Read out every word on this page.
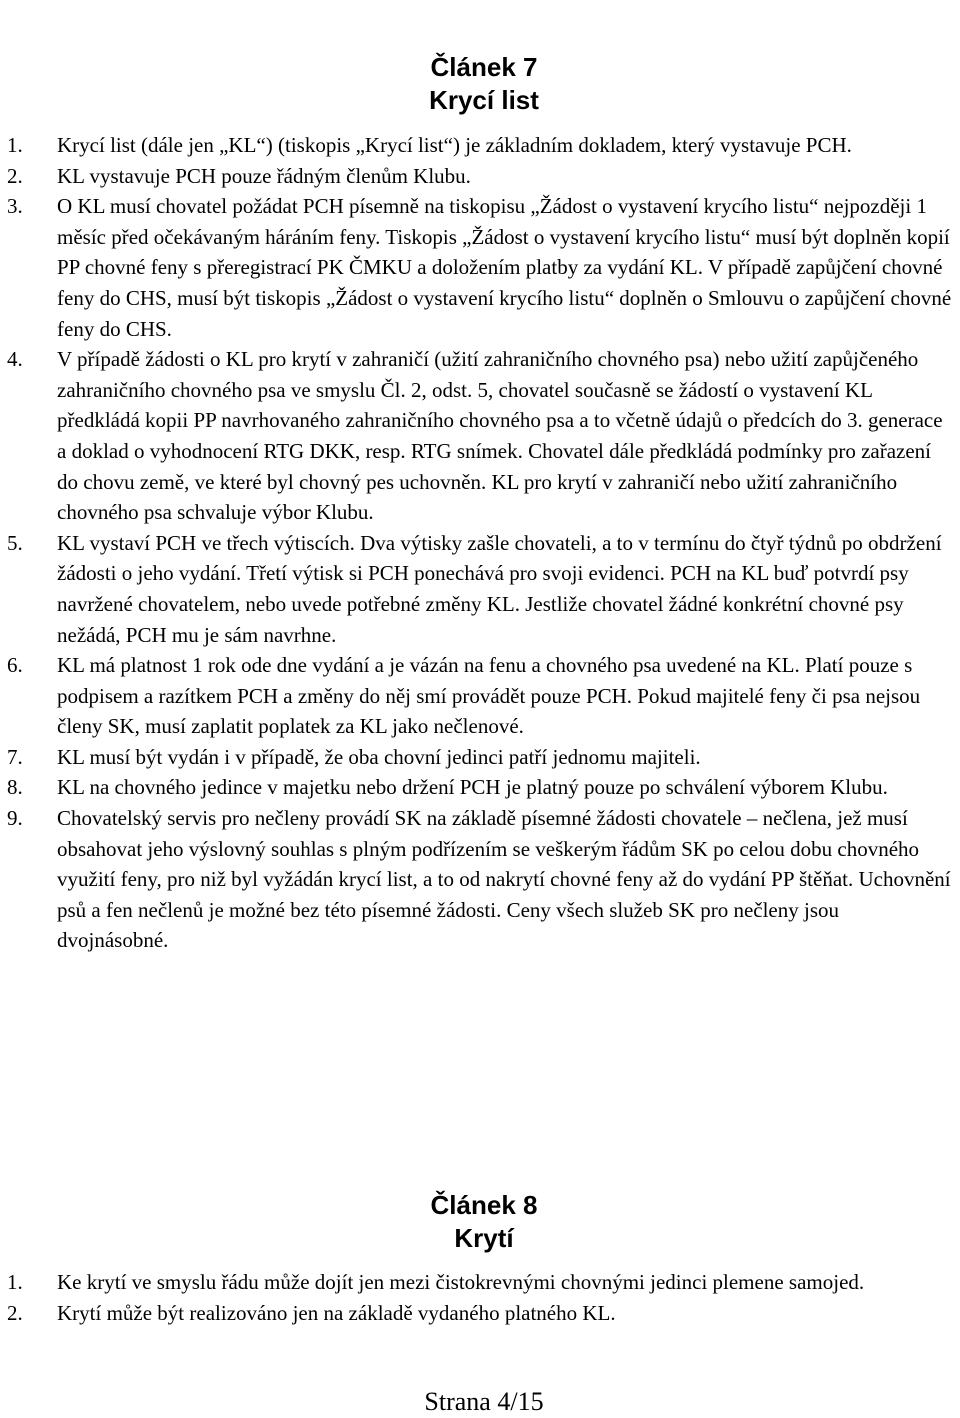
Článek 7
Krycí list
1. Krycí list (dále jen „KL“) (tiskopis „Krycí list“) je základním dokladem, který vystavuje PCH.
2. KL vystavuje PCH pouze řádným členům Klubu.
3. O KL musí chovatel požádat PCH písemně na tiskopisu „Žádost o vystavení krycího listu“ nejpozději 1 měsíc před očekávaným háráním feny. Tiskopis „Žádost o vystavení krycího listu“ musí být doplněn kopií PP chovné feny s přeregistrací PK ČMKU a doložením platby za vydání KL. V případě zapůjčení chovné feny do CHS, musí být tiskopis „Žádost o vystavení krycího listu“ doplněn o Smlouvu o zapůjčení chovné feny do CHS.
4. V případě žádosti o KL pro krytí v zahraničí (užití zahraničního chovného psa) nebo užití zapůjčeného zahraničního chovného psa ve smyslu Čl. 2, odst. 5, chovatel současně se žádostí o vystavení KL předkládá kopii PP navrhovaného zahraničního chovného psa a to včetně údajů o předcích do 3. generace a doklad o vyhodnocení RTG DKK, resp. RTG snímek. Chovatel dále předkládá podmínky pro zařazení do chovu země, ve které byl chovný pes uchovněn. KL pro krytí v zahraničí nebo užití zahraničního chovného psa schvaluje výbor Klubu.
5. KL vystaví PCH ve třech výtiscích. Dva výtisky zašle chovateli, a to v termínu do čtyř týdnů po obdržení žádosti o jeho vydání. Třetí výtisk si PCH ponechává pro svoji evidenci. PCH na KL buď potvrdí psy navržené chovatelem, nebo uvede potřebné změny KL. Jestliže chovatel žádné konkrétní chovné psy nežádá, PCH mu je sám navrhne.
6. KL má platnost 1 rok ode dne vydání a je vázán na fenu a chovného psa uvedené na KL. Platí pouze s podpisem a razítkem PCH a změny do něj smí provádět pouze PCH. Pokud majitelé feny či psa nejsou členy SK, musí zaplatit poplatek za KL jako nečlenové.
7. KL musí být vydán i v případě, že oba chovní jedinci patří jednomu majiteli.
8. KL na chovného jedince v majetku nebo držení PCH je platný pouze po schválení výborem Klubu.
9. Chovatelský servis pro nečleny provádí SK na základě písemné žádosti chovatele – nečlena, jež musí obsahovat jeho výslovný souhlas s plným podřízením se veškerým řádům SK po celou dobu chovného využití feny, pro niž byl vyžádán krycí list, a to od nakrytí chovné feny až do vydání PP štěňat. Uchovnění psů a fen nečlenů je možné bez této písemné žádosti. Ceny všech služeb SK pro nečleny jsou dvojnásobné.
Článek 8
Krytí
1. Ke krytí ve smyslu řádu může dojít jen mezi čistokrevnými chovnými jedinci plemene samojed.
2. Krytí může být realizováno jen na základě vydaného platného KL.
Strana 4/15
